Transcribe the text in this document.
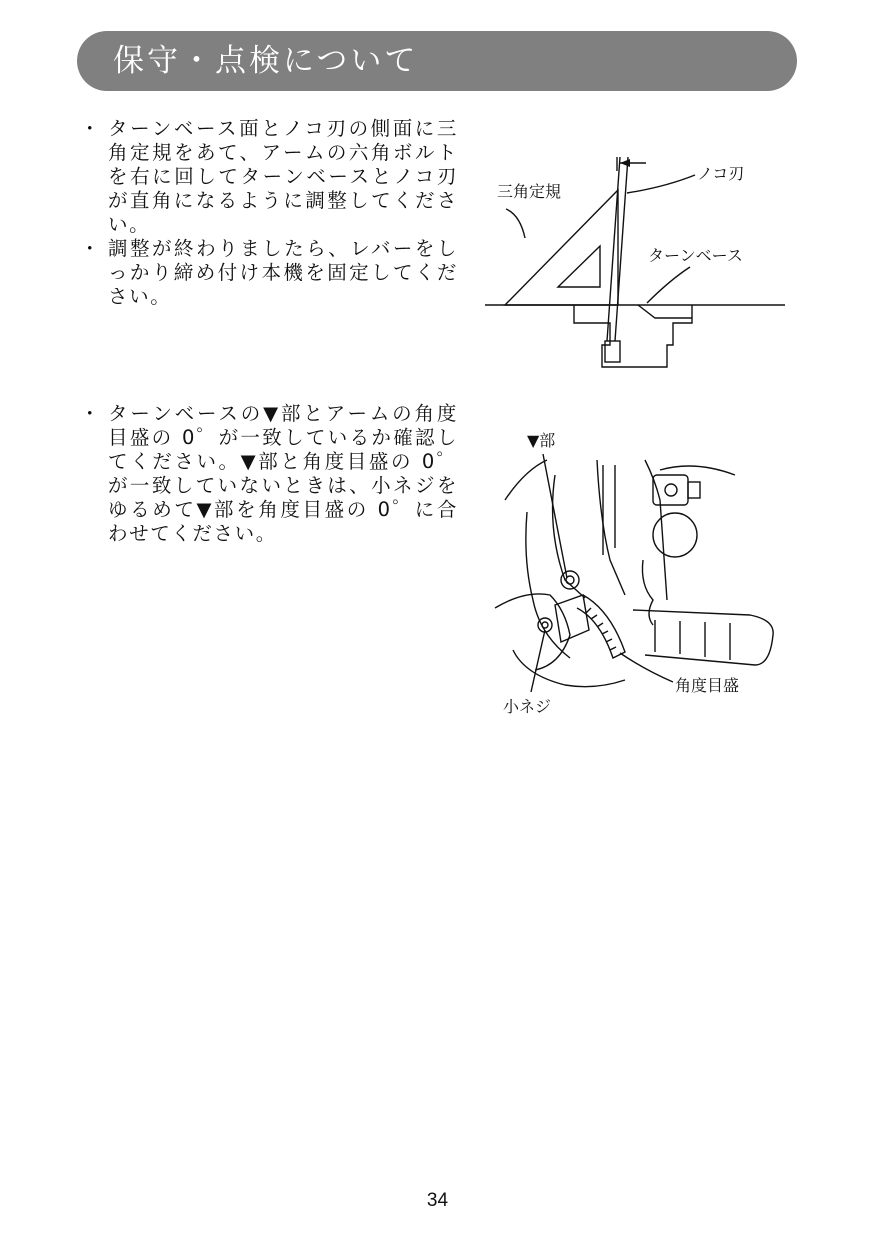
保守・点検について
・ ターンベース面とノコ刃の側面に三角定規をあて、アームの六角ボルトを右に回してターンベースとノコ刃が直角になるように調整してください。
・ 調整が終わりましたら、レバーをしっかり締め付け本機を固定してください。
三角定規
ノコ刃
ターンベース
・ ターンベースの▼部とアームの角度目盛の 0゜が一致しているか確認してください。▼部と角度目盛の 0゜が一致していないときは、小ネジをゆるめて▼部を角度目盛の 0゜に合わせてください。
▼部
小ネジ
角度目盛
34
